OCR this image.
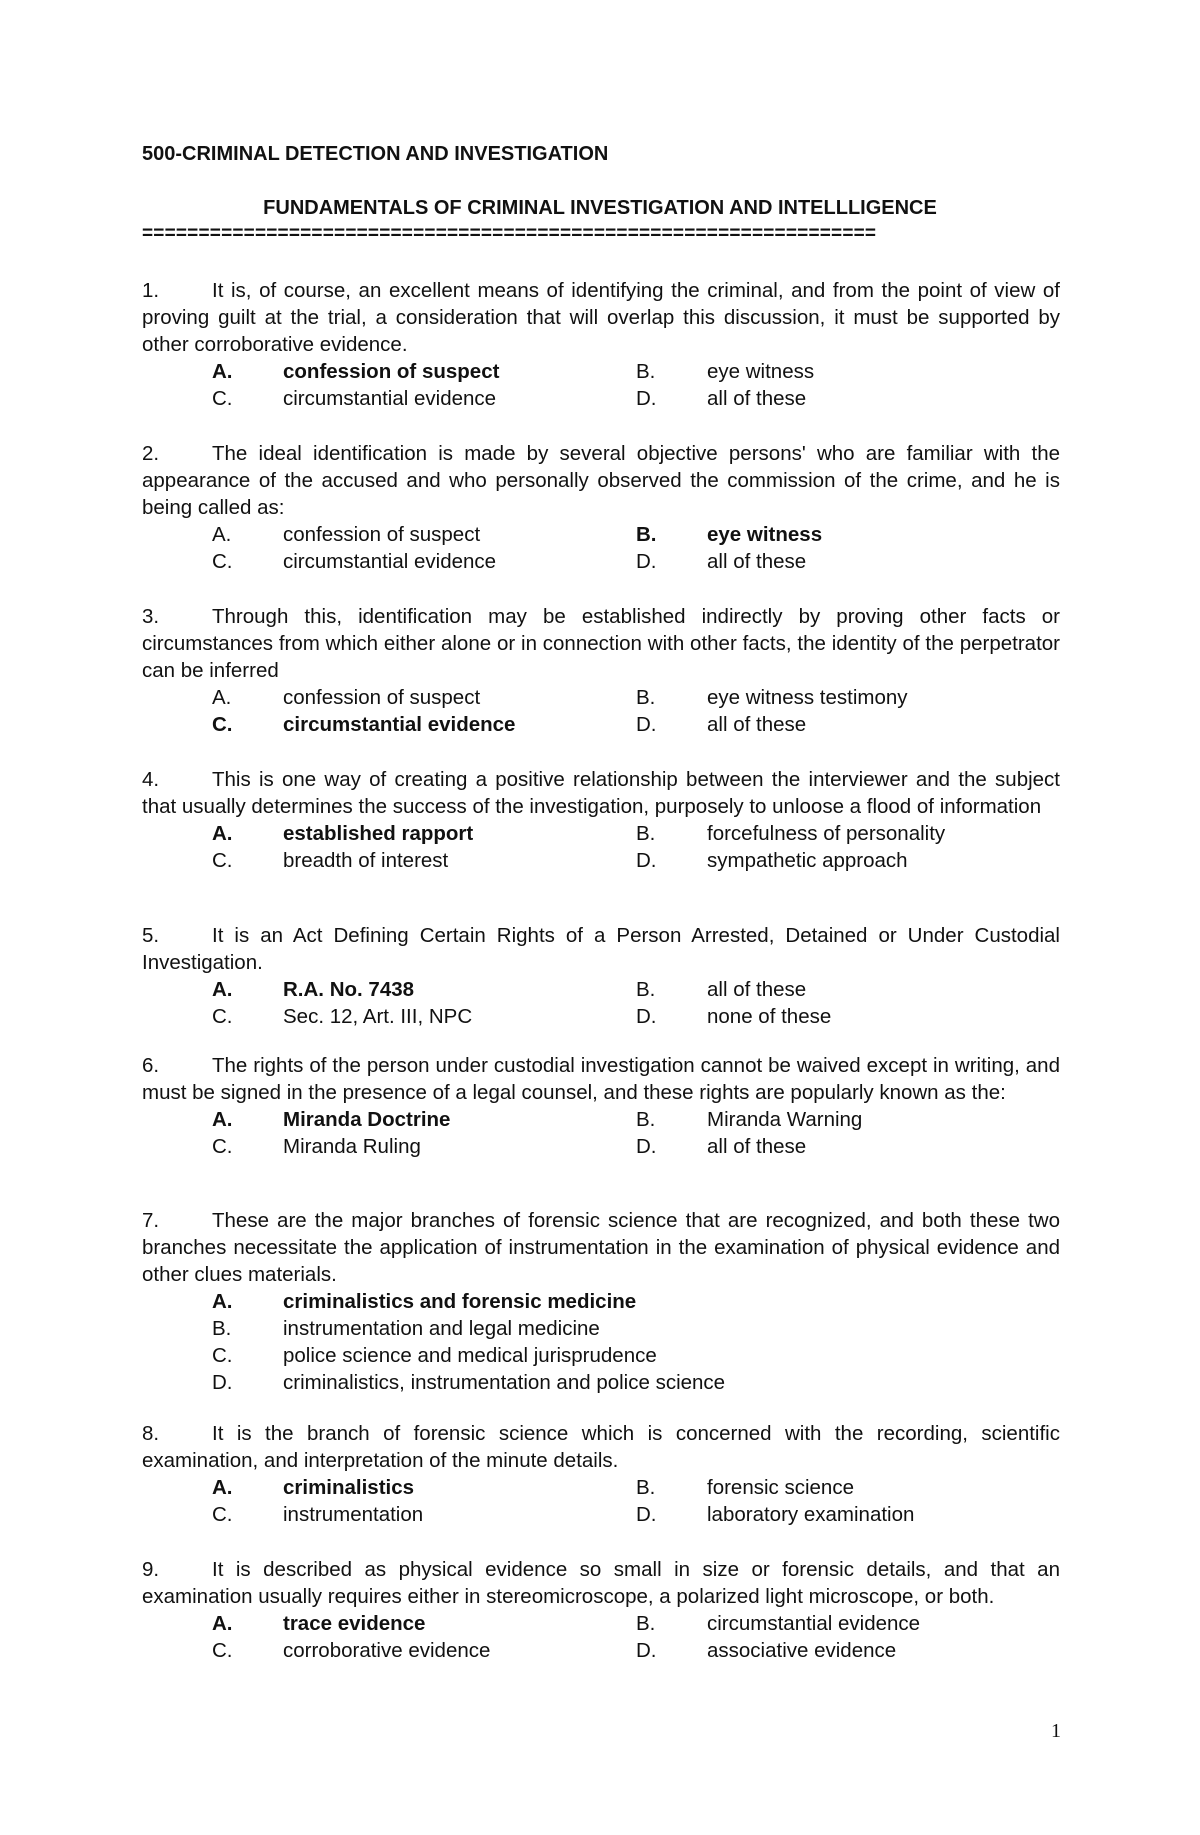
500-CRIMINAL DETECTION AND INVESTIGATION
FUNDAMENTALS OF CRIMINAL INVESTIGATION AND INTELLLIGENCE
=================================================================

1.	It is, of course, an excellent means of identifying the criminal, and from the point of view of proving guilt at the trial, a consideration that will overlap this discussion, it must be supported by other corroborative evidence.

A. confession of suspect	B.	eye witness
C. circumstantial evidence	D. all of these

2.	The ideal identification is made by several objective persons' who are familiar with the appearance of the accused and who personally observed the commission of the crime, and he is being called as:

A.	confession of suspect	B. eye witness
C. circumstantial evidence	D. all of these

3.	Through this, identification may be established indirectly by proving other facts or circumstances from which either alone or in connection with other facts, the identity of the perpetrator can be inferred

A.	confession of suspect	B.	eye witness testimony
C. circumstantial evidence	D. all of these

4.	This is one way of creating a positive relationship between the interviewer and the subject that usually determines the success of the investigation, purposely to unloose a flood of information

A. established rapport	B.	forcefulness of personality
C. breadth of interest	D. sympathetic approach

5.	It is an Act Defining Certain Rights of a Person Arrested, Detained or Under Custodial Investigation.

A. R.A. No. 7438	B.	all of these
C. Sec. 12, Art. III, NPC	D. none of these

6.	The rights of the person under custodial investigation cannot be waived except in writing, and must be signed in the presence of a legal counsel, and these rights are popularly known as the:

A. Miranda Doctrine	B.	Miranda Warning
C. Miranda Ruling	D. all of these

7.	These are the major branches of forensic science that are recognized, and both these two branches necessitate the application of instrumentation in the examination of physical evidence and other clues materials.

A. criminalistics and forensic medicine
B.	instrumentation and legal medicine
C. police science and medical jurisprudence
D. criminalistics, instrumentation and police science

8.	It is the branch of forensic science which is concerned with the recording, scientific examination, and interpretation of the minute details.

A. criminalistics	B.	forensic science
C. instrumentation	D. laboratory examination

9.	It is described as physical evidence so small in size or forensic details, and that an examination usually requires either in stereomicroscope, a polarized light microscope, or both.

A. trace evidence	B.	circumstantial evidence
C. corroborative evidence	D. associative evidence
1
